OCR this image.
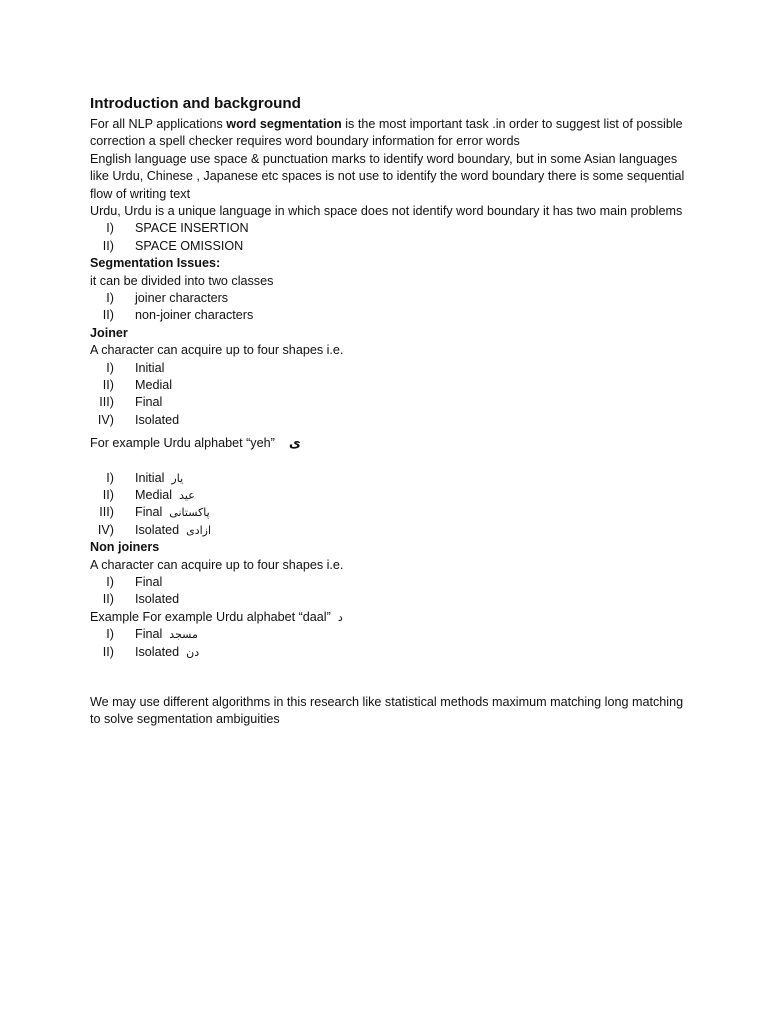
Introduction and background

For all NLP applications word segmentation is the most important task .in order to suggest list of possible correction a spell checker requires word boundary information for error words

English language use space & punctuation marks to identify word boundary, but in some Asian languages like Urdu, Chinese , Japanese etc spaces is not use to identify the word boundary there is some sequential flow of writing text

Urdu, Urdu is a unique language in which space does not identify word boundary it has two main problems

I)	SPACE INSERTION
II)	SPACE OMISSION
Segmentation Issues:
it can be divided into two classes
I)	joiner characters
II)	non-joiner characters
Joiner
A character can acquire up to four shapes i.e.
I)	Initial
II)	Medial
III)	Final
IV)	Isolated
For example Urdu alphabet “yeh” ی
I)	Initial یار
II)	Medial عید
III)	Final پاکستانی
IV)	Isolated ازادی
Non joiners
A character can acquire up to four shapes i.e.
I)	Final
II)	Isolated
Example For example Urdu alphabet “daal” د
I)	Final مسجد
II)	Isolated دن

We may use different algorithms in this research like statistical methods maximum matching long matching to solve segmentation ambiguities
